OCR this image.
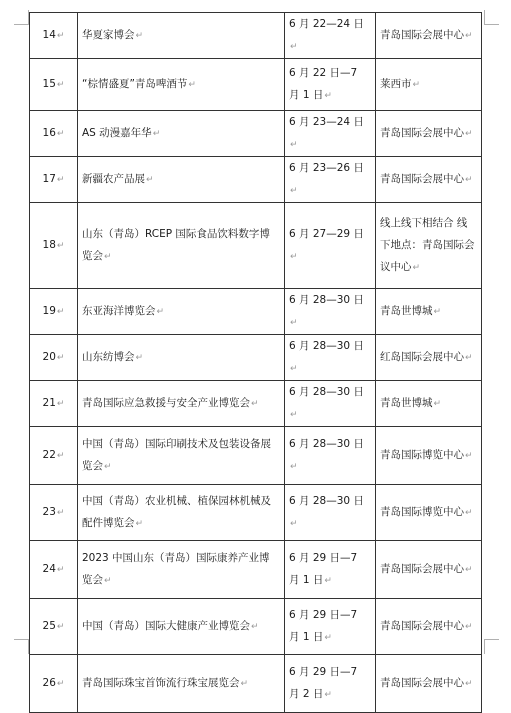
14↵	华夏家博会↵	6 月 22—24 日↵	青岛国际会展中心↵
15↵	“棕情盛夏”青岛啤酒节↵	6 月 22 日—7 月 1 日↵	莱西市↵
16↵	AS 动漫嘉年华↵	6 月 23—24 日↵	青岛国际会展中心↵
17↵	新疆农产品展↵	6 月 23—26 日↵	青岛国际会展中心↵
18↵	山东（青岛）RCEP 国际食品饮料数字博览会↵	6 月 27—29 日↵	线上线下相结合 线下地点：青岛国际会议中心↵
19↵	东亚海洋博览会↵	6 月 28—30 日↵	青岛世博城↵
20↵	山东纺博会↵	6 月 28—30 日↵	红岛国际会展中心↵
21↵	青岛国际应急救援与安全产业博览会↵	6 月 28—30 日↵	青岛世博城↵
22↵	中国（青岛）国际印刷技术及包装设备展览会↵	6 月 28—30 日↵	青岛国际博览中心↵
23↵	中国（青岛）农业机械、植保园林机械及配件博览会↵	6 月 28—30 日↵	青岛国际博览中心↵
24↵	2023 中国山东（青岛）国际康养产业博览会↵	6 月 29 日—7 月 1 日↵	青岛国际会展中心↵
25↵	中国（青岛）国际大健康产业博览会↵	6 月 29 日—7 月 1 日↵	青岛国际会展中心↵
26↵	青岛国际珠宝首饰流行珠宝展览会↵	6 月 29 日—7 月 2 日↵	青岛国际会展中心↵
